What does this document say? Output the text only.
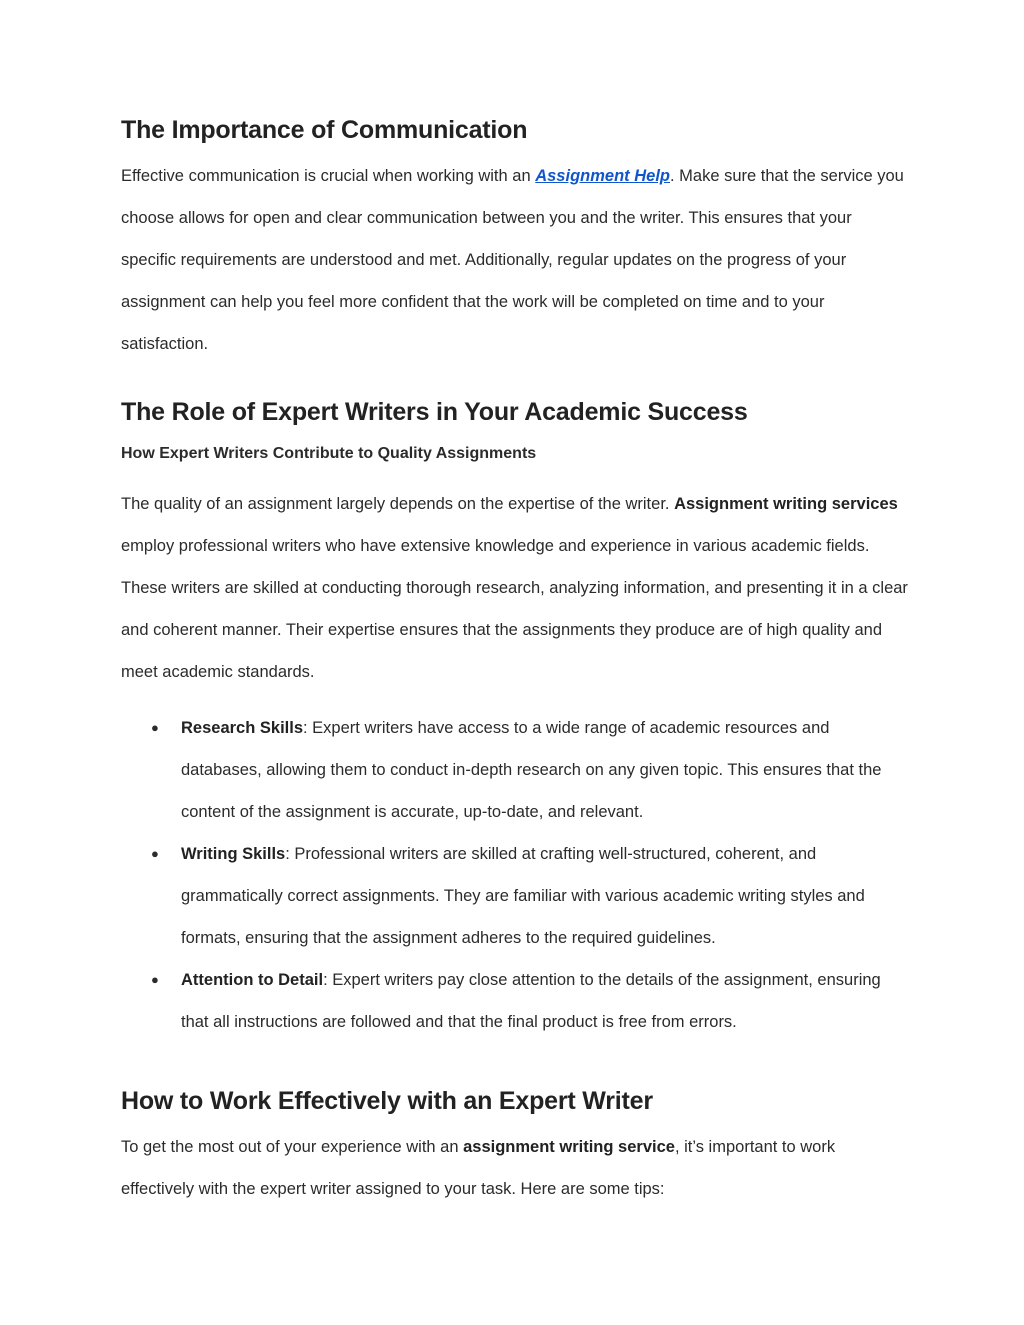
The Importance of Communication

Effective communication is crucial when working with an Assignment Help. Make sure that the service you choose allows for open and clear communication between you and the writer. This ensures that your specific requirements are understood and met. Additionally, regular updates on the progress of your assignment can help you feel more confident that the work will be completed on time and to your satisfaction.

The Role of Expert Writers in Your Academic Success
How Expert Writers Contribute to Quality Assignments

The quality of an assignment largely depends on the expertise of the writer. Assignment writing services employ professional writers who have extensive knowledge and experience in various academic fields. These writers are skilled at conducting thorough research, analyzing information, and presenting it in a clear and coherent manner. Their expertise ensures that the assignments they produce are of high quality and meet academic standards.

● Research Skills: Expert writers have access to a wide range of academic resources and databases, allowing them to conduct in-depth research on any given topic. This ensures that the content of the assignment is accurate, up-to-date, and relevant.
● Writing Skills: Professional writers are skilled at crafting well-structured, coherent, and grammatically correct assignments. They are familiar with various academic writing styles and formats, ensuring that the assignment adheres to the required guidelines.
● Attention to Detail: Expert writers pay close attention to the details of the assignment, ensuring that all instructions are followed and that the final product is free from errors.
How to Work Effectively with an Expert Writer

To get the most out of your experience with an assignment writing service, it’s important to work effectively with the expert writer assigned to your task. Here are some tips:
